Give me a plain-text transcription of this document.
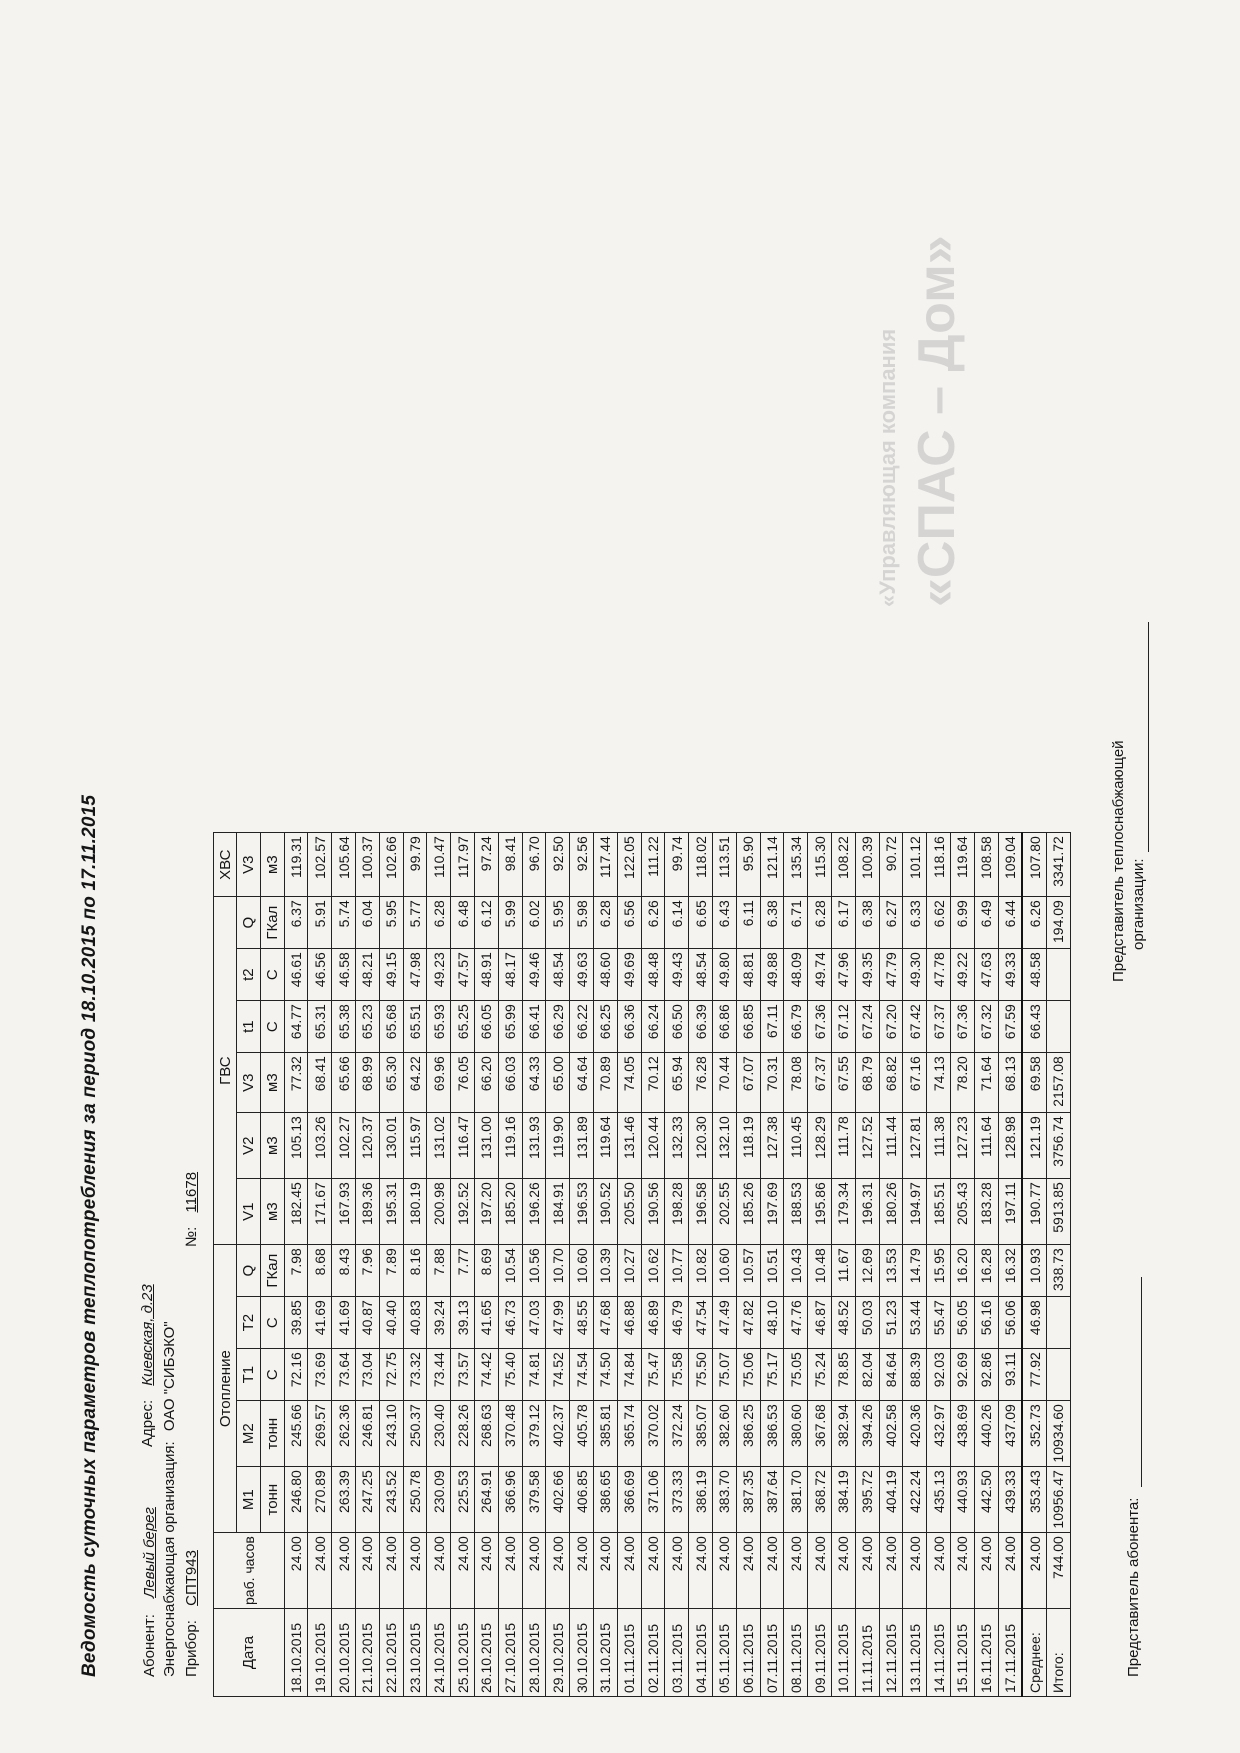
«Управляющая компания «СПАС – Дом»
Ведомость суточных параметров теплопотребления за период 18.10.2015 по 17.11.2015	Абонент: Левый берег
Адрес: Киевская, д.23
Энергоснабжающая организация: ОАО "СИБЭКО"
Прибор: СПТ943
№: 11678
Дата	раб. часов	Отопление					ГВС						ХВС
		M1	M2	T1	T2	Q	V1	V2	V3	t1	t2	Q	V3
		тонн	тонн	С	С	ГКал	м3	м3	м3	С	С	ГКал	м3
18.10.2015	24.00	246.80	245.66	72.16	39.85	7.98	182.45	105.13	77.32	64.77	46.61	6.37	119.31
19.10.2015	24.00	270.89	269.57	73.69	41.69	8.68	171.67	103.26	68.41	65.31	46.56	5.91	102.57
20.10.2015	24.00	263.39	262.36	73.64	41.69	8.43	167.93	102.27	65.66	65.38	46.58	5.74	105.64
21.10.2015	24.00	247.25	246.81	73.04	40.87	7.96	189.36	120.37	68.99	65.23	48.21	6.04	100.37
22.10.2015	24.00	243.52	243.10	72.75	40.40	7.89	195.31	130.01	65.30	65.68	49.15	5.95	102.66
23.10.2015	24.00	250.78	250.37	73.32	40.83	8.16	180.19	115.97	64.22	65.51	47.98	5.77	99.79
24.10.2015	24.00	230.09	230.40	73.44	39.24	7.88	200.98	131.02	69.96	65.93	49.23	6.28	110.47
25.10.2015	24.00	225.53	228.26	73.57	39.13	7.77	192.52	116.47	76.05	65.25	47.57	6.48	117.97
26.10.2015	24.00	264.91	268.63	74.42	41.65	8.69	197.20	131.00	66.20	66.05	48.91	6.12	97.24
27.10.2015	24.00	366.96	370.48	75.40	46.73	10.54	185.20	119.16	66.03	65.99	48.17	5.99	98.41
28.10.2015	24.00	379.58	379.12	74.81	47.03	10.56	196.26	131.93	64.33	66.41	49.46	6.02	96.70
29.10.2015	24.00	402.66	402.37	74.52	47.99	10.70	184.91	119.90	65.00	66.29	48.54	5.95	92.50
30.10.2015	24.00	406.85	405.78	74.54	48.55	10.60	196.53	131.89	64.64	66.22	49.63	5.98	92.56
31.10.2015	24.00	386.65	385.81	74.50	47.68	10.39	190.52	119.64	70.89	66.25	48.60	6.28	117.44
01.11.2015	24.00	366.69	365.74	74.84	46.88	10.27	205.50	131.46	74.05	66.36	49.69	6.56	122.05
02.11.2015	24.00	371.06	370.02	75.47	46.89	10.62	190.56	120.44	70.12	66.24	48.48	6.26	111.22
03.11.2015	24.00	373.33	372.24	75.58	46.79	10.77	198.28	132.33	65.94	66.50	49.43	6.14	99.74
04.11.2015	24.00	386.19	385.07	75.50	47.54	10.82	196.58	120.30	76.28	66.39	48.54	6.65	118.02
05.11.2015	24.00	383.70	382.60	75.07	47.49	10.60	202.55	132.10	70.44	66.86	49.80	6.43	113.51
06.11.2015	24.00	387.35	386.25	75.06	47.82	10.57	185.26	118.19	67.07	66.85	48.81	6.11	95.90
07.11.2015	24.00	387.64	386.53	75.17	48.10	10.51	197.69	127.38	70.31	67.11	49.88	6.38	121.14
08.11.2015	24.00	381.70	380.60	75.05	47.76	10.43	188.53	110.45	78.08	66.79	48.09	6.71	135.34
09.11.2015	24.00	368.72	367.68	75.24	46.87	10.48	195.86	128.29	67.37	67.36	49.74	6.28	115.30
10.11.2015	24.00	384.19	382.94	78.85	48.52	11.67	179.34	111.78	67.55	67.12	47.96	6.17	108.22
11.11.2015	24.00	395.72	394.26	82.04	50.03	12.69	196.31	127.52	68.79	67.24	49.35	6.38	100.39
12.11.2015	24.00	404.19	402.58	84.64	51.23	13.53	180.26	111.44	68.82	67.20	47.79	6.27	90.72
13.11.2015	24.00	422.24	420.36	88.39	53.44	14.79	194.97	127.81	67.16	67.42	49.30	6.33	101.12
14.11.2015	24.00	435.13	432.97	92.03	55.47	15.95	185.51	111.38	74.13	67.37	47.78	6.62	118.16
15.11.2015	24.00	440.93	438.69	92.69	56.05	16.20	205.43	127.23	78.20	67.36	49.22	6.99	119.64
16.11.2015	24.00	442.50	440.26	92.86	56.16	16.28	183.28	111.64	71.64	67.32	47.63	6.49	108.58
17.11.2015	24.00	439.33	437.09	93.11	56.06	16.32	197.11	128.98	68.13	67.59	49.33	6.44	109.04
Среднее:	24.00	353.43	352.73	77.92	46.98	10.93	190.77	121.19	69.58	66.43	48.58	6.26	107.80
Итого:	744.00	10956.47	10934.60			338.73	5913.85	3756.74	2157.08			194.09	3341.72
Представитель абонента:
Представитель теплоснабжающей организации:
